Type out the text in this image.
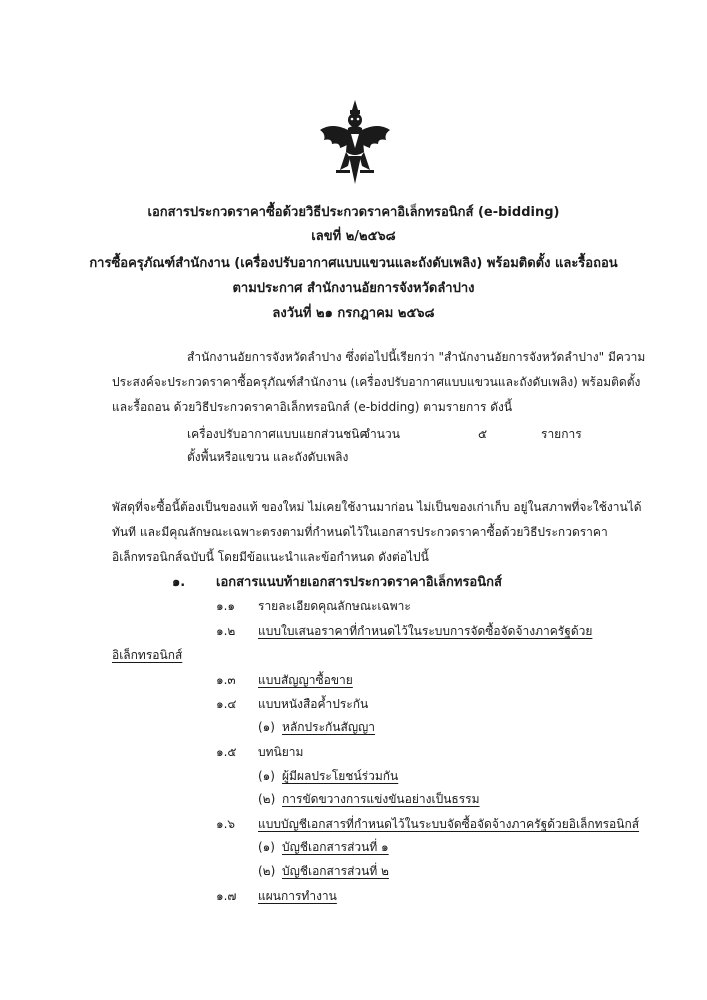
เอกสารประกวดราคาซื้อด้วยวิธีประกวดราคาอิเล็กทรอนิกส์ (e-bidding)
เลขที่ ๒/๒๕๖๘
การซื้อครุภัณฑ์สำนักงาน (เครื่องปรับอากาศแบบแขวนและถังดับเพลิง) พร้อมติดตั้ง และรื้อถอน
ตามประกาศ สำนักงานอัยการจังหวัดลำปาง
ลงวันที่ ๒๑ กรกฎาคม ๒๕๖๘
สำนักงานอัยการจังหวัดลำปาง ซึ่งต่อไปนี้เรียกว่า "สำนักงานอัยการจังหวัดลำปาง" มีความ
ประสงค์จะประกวดราคาซื้อครุภัณฑ์สำนักงาน (เครื่องปรับอากาศแบบแขวนและถังดับเพลิง) พร้อมติดตั้ง
และรื้อถอน ด้วยวิธีประกวดราคาอิเล็กทรอนิกส์ (e-bidding) ตามรายการ ดังนี้
เครื่องปรับอากาศแบบแยกส่วนชนิด
จำนวน	๕	รายการ
ตั้งพื้นหรือแขวน และถังดับเพลิง
พัสดุที่จะซื้อนี้ต้องเป็นของแท้ ของใหม่ ไม่เคยใช้งานมาก่อน ไม่เป็นของเก่าเก็บ อยู่ในสภาพที่จะใช้งานได้
ทันที และมีคุณลักษณะเฉพาะตรงตามที่กำหนดไว้ในเอกสารประกวดราคาซื้อด้วยวิธีประกวดราคา
อิเล็กทรอนิกส์ฉบับนี้ โดยมีข้อแนะนำและข้อกำหนด ดังต่อไปนี้
๑. เอกสารแนบท้ายเอกสารประกวดราคาอิเล็กทรอนิกส์
๑.๑ รายละเอียดคุณลักษณะเฉพาะ
๑.๒ แบบใบเสนอราคาที่กำหนดไว้ในระบบการจัดซื้อจัดจ้างภาครัฐด้วย
อิเล็กทรอนิกส์
๑.๓ แบบสัญญาซื้อขาย
๑.๔ แบบหนังสือค้ำประกัน
(๑) หลักประกันสัญญา
๑.๕ บทนิยาม
(๑) ผู้มีผลประโยชน์ร่วมกัน
(๒) การขัดขวางการแข่งขันอย่างเป็นธรรม
๑.๖ แบบบัญชีเอกสารที่กำหนดไว้ในระบบจัดซื้อจัดจ้างภาครัฐด้วยอิเล็กทรอนิกส์
(๑) บัญชีเอกสารส่วนที่ ๑
(๒) บัญชีเอกสารส่วนที่ ๒
๑.๗ แผนการทำงาน
